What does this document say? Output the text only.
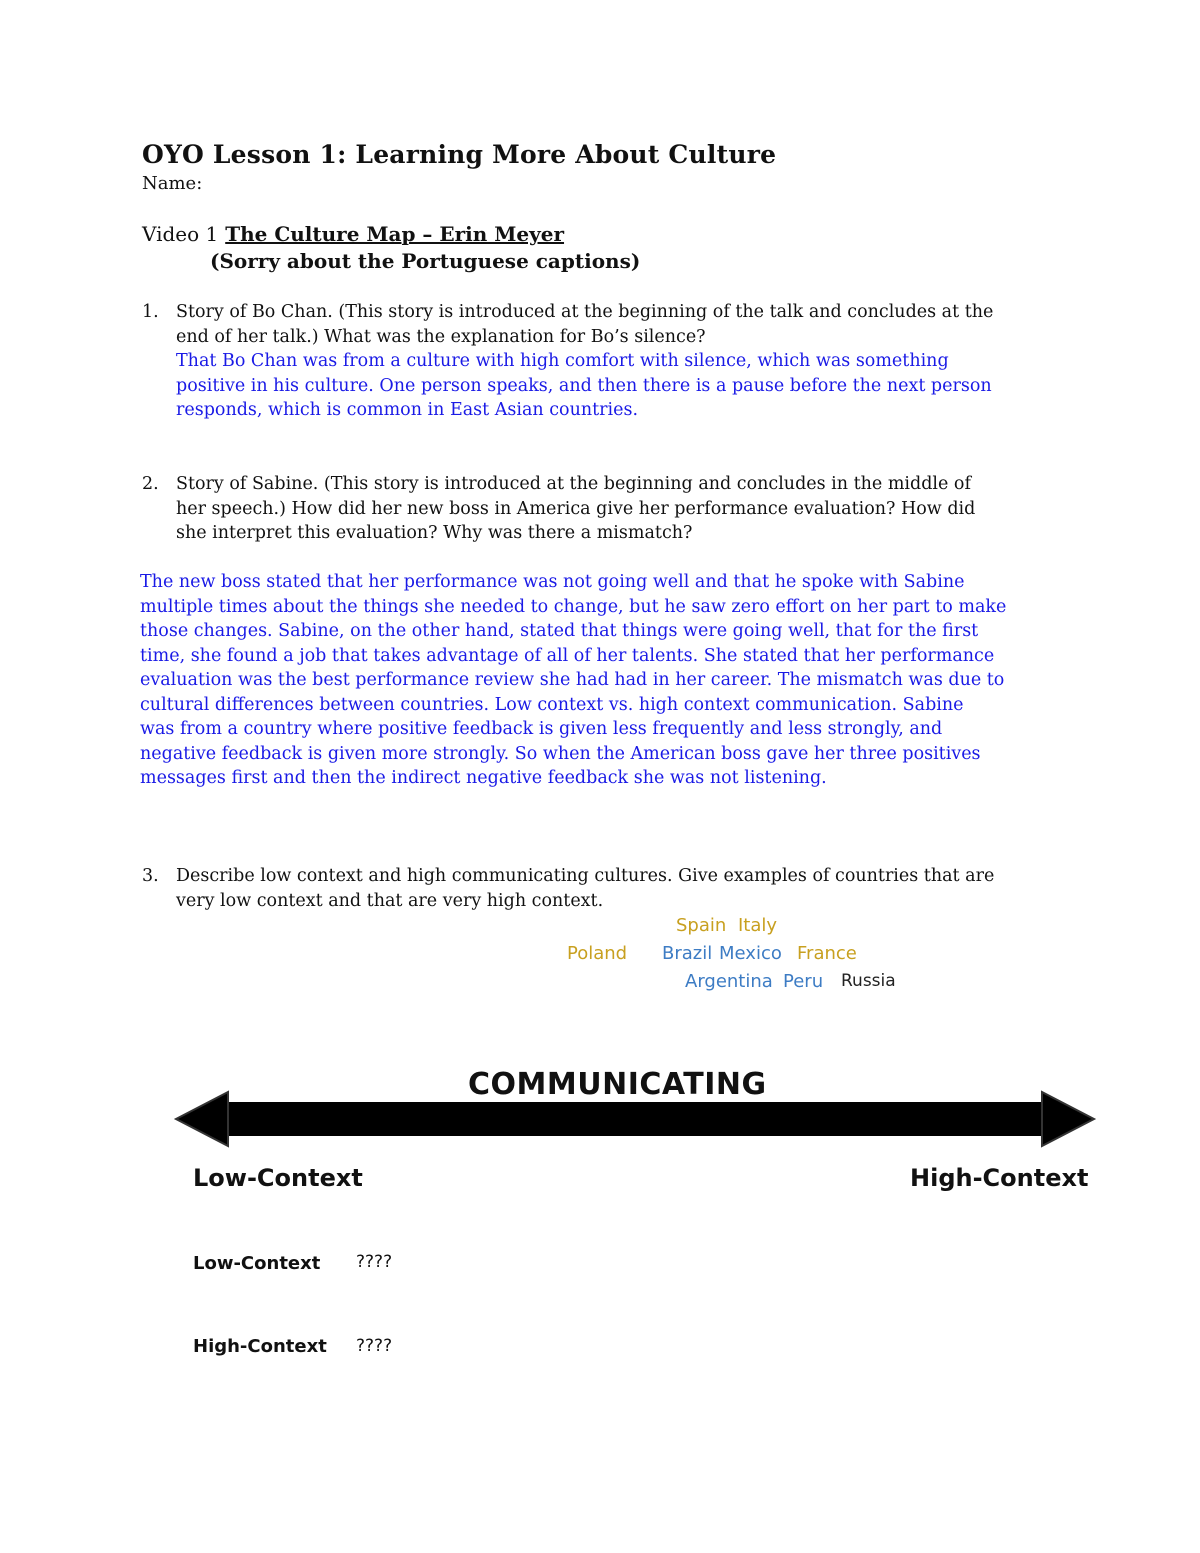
OYO Lesson 1: Learning More About Culture
Name:
Video 1 The Culture Map – Erin Meyer
(Sorry about the Portuguese captions)
1. Story of Bo Chan. (This story is introduced at the beginning of the talk and concludes at the
end of her talk.) What was the explanation for Bo’s silence?
That Bo Chan was from a culture with high comfort with silence, which was something
positive in his culture. One person speaks, and then there is a pause before the next person
responds, which is common in East Asian countries.
2. Story of Sabine. (This story is introduced at the beginning and concludes in the middle of
her speech.) How did her new boss in America give her performance evaluation? How did
she interpret this evaluation? Why was there a mismatch?
The new boss stated that her performance was not going well and that he spoke with Sabine
multiple times about the things she needed to change, but he saw zero effort on her part to make
those changes. Sabine, on the other hand, stated that things were going well, that for the first
time, she found a job that takes advantage of all of her talents. She stated that her performance
evaluation was the best performance review she had had in her career. The mismatch was due to
cultural differences between countries. Low context vs. high context communication. Sabine
was from a country where positive feedback is given less frequently and less strongly, and
negative feedback is given more strongly. So when the American boss gave her three positives
messages first and then the indirect negative feedback she was not listening.
3. Describe low context and high communicating cultures. Give examples of countries that are
very low context and that are very high context.
Spain Italy
Poland Brazil Mexico France
Argentina Peru Russia
COMMUNICATING
Low-Context	High-Context
Low-Context ????
High-Context ????
